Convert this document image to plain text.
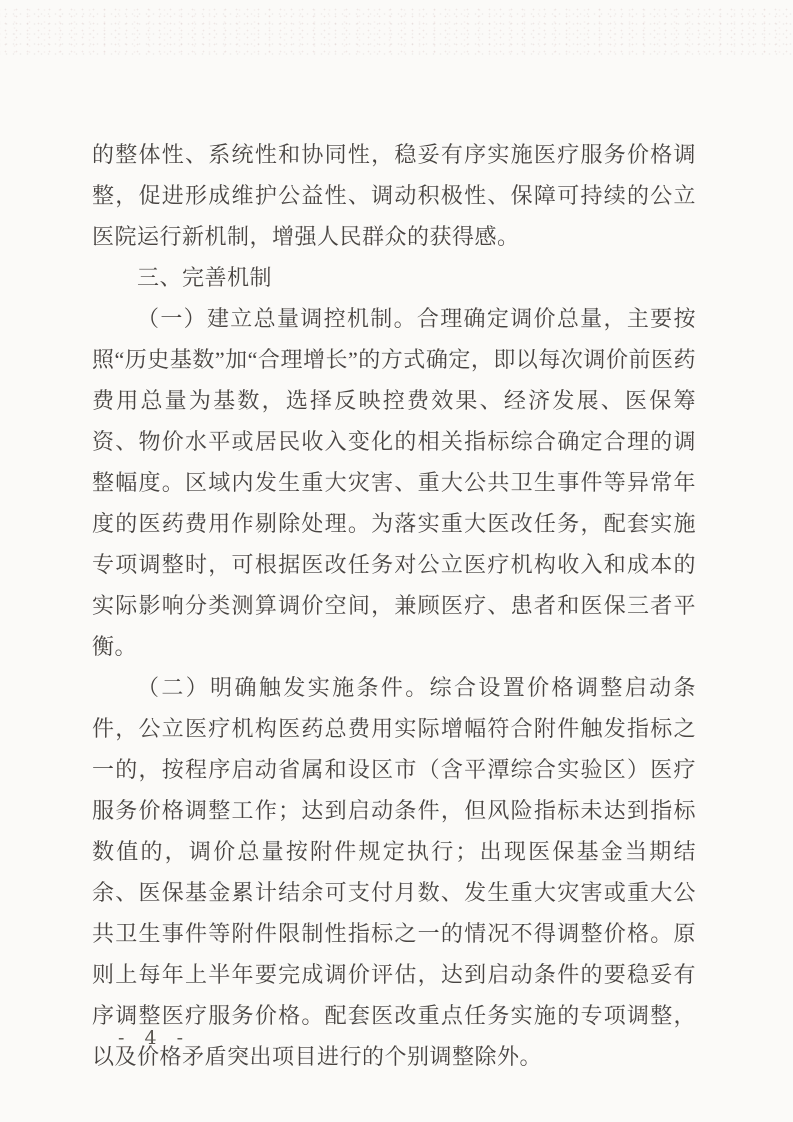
的整体性、系统性和协同性，稳妥有序实施医疗服务价格调整，促进形成维护公益性、调动积极性、保障可持续的公立医院运行新机制，增强人民群众的获得感。

三、完善机制

（一）建立总量调控机制。合理确定调价总量，主要按照“历史基数”加“合理增长”的方式确定，即以每次调价前医药费用总量为基数，选择反映控费效果、经济发展、医保筹资、物价水平或居民收入变化的相关指标综合确定合理的调整幅度。区域内发生重大灾害、重大公共卫生事件等异常年度的医药费用作剔除处理。为落实重大医改任务，配套实施专项调整时，可根据医改任务对公立医疗机构收入和成本的实际影响分类测算调价空间，兼顾医疗、患者和医保三者平衡。

（二）明确触发实施条件。综合设置价格调整启动条件，公立医疗机构医药总费用实际增幅符合附件触发指标之一的，按程序启动省属和设区市（含平潭综合实验区）医疗服务价格调整工作；达到启动条件，但风险指标未达到指标数值的，调价总量按附件规定执行；出现医保基金当期结余、医保基金累计结余可支付月数、发生重大灾害或重大公共卫生事件等附件限制性指标之一的情况不得调整价格。原则上每年上半年要完成调价评估，达到启动条件的要稳妥有序调整医疗服务价格。配套医改重点任务实施的专项调整，以及价格矛盾突出项目进行的个别调整除外。

- 4 -
